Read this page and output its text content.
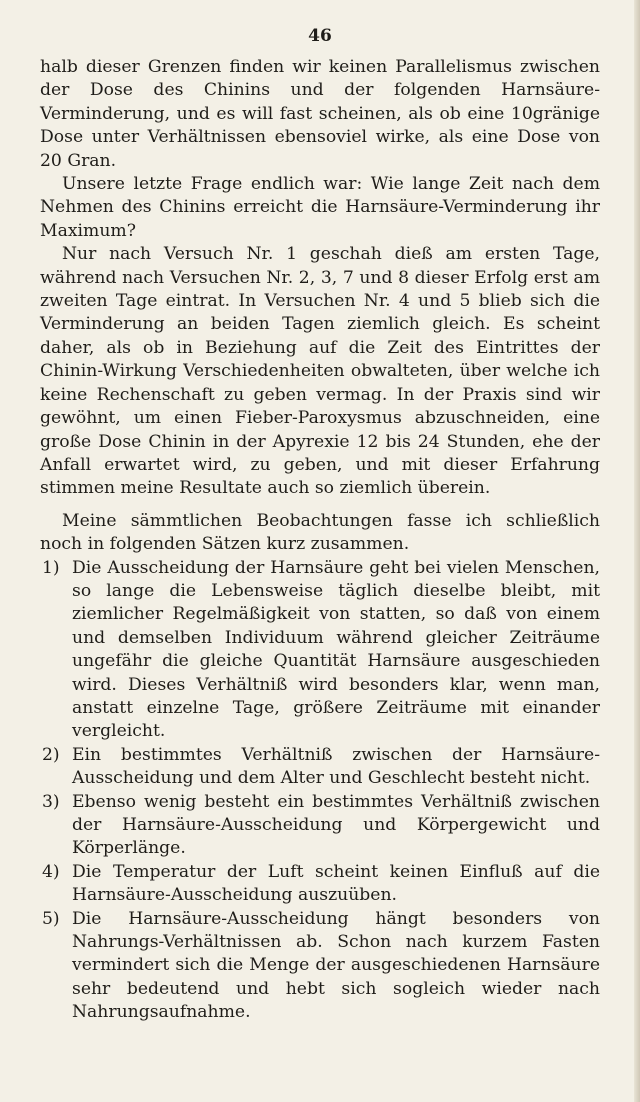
46

halb dieser Grenzen finden wir keinen Parallelismus zwischen der Dose des Chinins und der folgenden Harnsäure-Verminderung, und es will fast scheinen, als ob eine 10gränige Dose unter Verhältnissen ebensoviel wirke, als eine Dose von 20 Gran.

Unsere letzte Frage endlich war: Wie lange Zeit nach dem Nehmen des Chinins erreicht die Harnsäure-Verminderung ihr Maximum?

Nur nach Versuch Nr. 1 geschah dieß am ersten Tage, während nach Versuchen Nr. 2, 3, 7 und 8 dieser Erfolg erst am zweiten Tage eintrat. In Versuchen Nr. 4 und 5 blieb sich die Verminderung an beiden Tagen ziemlich gleich. Es scheint daher, als ob in Beziehung auf die Zeit des Eintrittes der Chinin-Wirkung Verschiedenheiten obwalteten, über welche ich keine Rechenschaft zu geben vermag. In der Praxis sind wir gewöhnt, um einen Fieber-Paroxysmus abzuschneiden, eine große Dose Chinin in der Apyrexie 12 bis 24 Stunden, ehe der Anfall erwartet wird, zu geben, und mit dieser Erfahrung stimmen meine Resultate auch so ziemlich überein.

Meine sämmtlichen Beobachtungen fasse ich schließlich noch in folgenden Sätzen kurz zusammen.

1) Die Ausscheidung der Harnsäure geht bei vielen Menschen, so lange die Lebensweise täglich dieselbe bleibt, mit ziemlicher Regelmäßigkeit von statten, so daß von einem und demselben Individuum während gleicher Zeiträume ungefähr die gleiche Quantität Harnsäure ausgeschieden wird. Dieses Verhältniß wird besonders klar, wenn man, anstatt einzelne Tage, größere Zeiträume mit einander vergleicht.
2) Ein bestimmtes Verhältniß zwischen der Harnsäure-Ausscheidung und dem Alter und Geschlecht besteht nicht.
3) Ebenso wenig besteht ein bestimmtes Verhältniß zwischen der Harnsäure-Ausscheidung und Körpergewicht und Körperlänge.
4) Die Temperatur der Luft scheint keinen Einfluß auf die Harnsäure-Ausscheidung auszuüben.
5) Die Harnsäure-Ausscheidung hängt besonders von Nahrungs-Verhältnissen ab. Schon nach kurzem Fasten vermindert sich die Menge der ausgeschiedenen Harnsäure sehr bedeutend und hebt sich sogleich wieder nach Nahrungsaufnahme.
